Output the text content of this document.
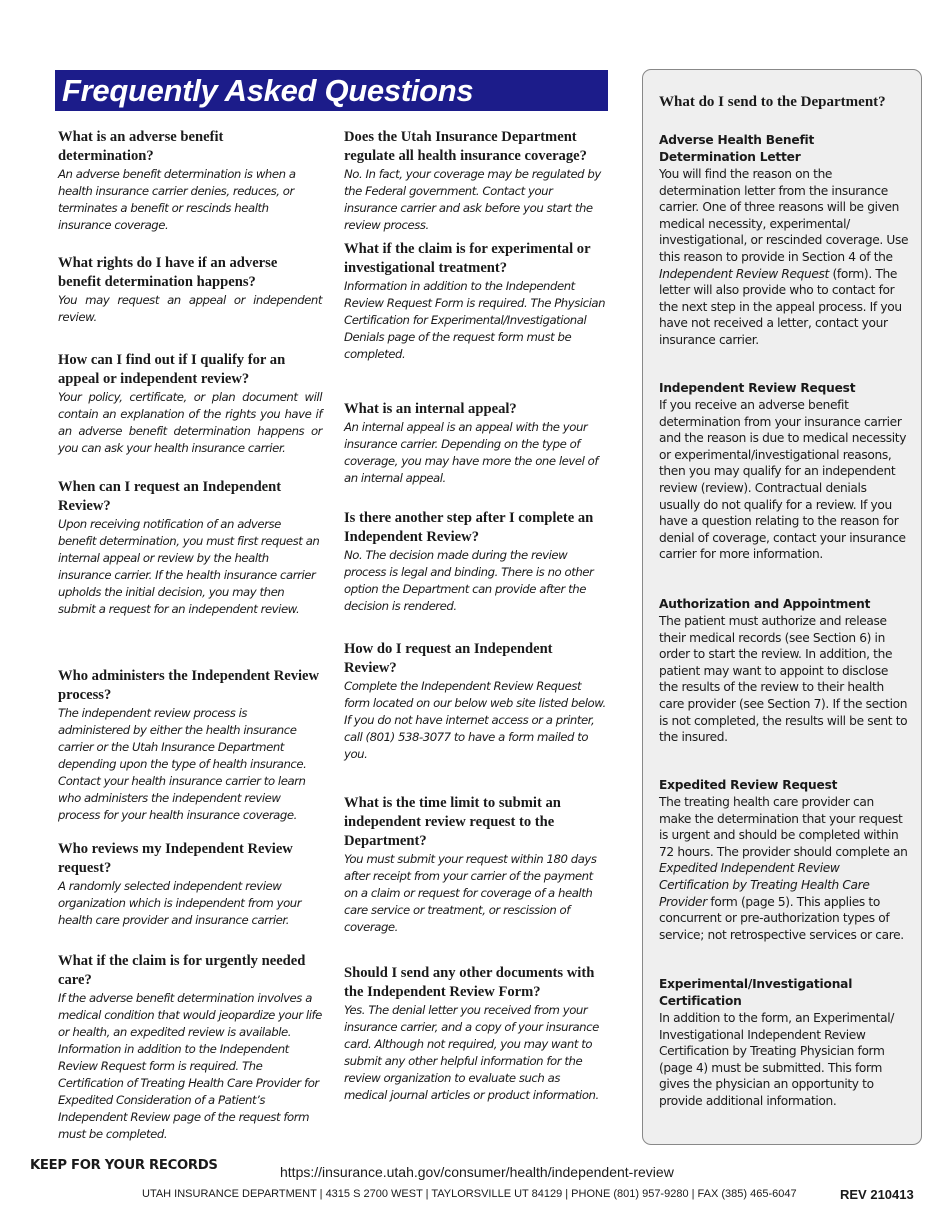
Frequently Asked Questions

What is an adverse benefit determination?

An adverse benefit determination is when a health insurance carrier denies, reduces, or terminates a benefit or rescinds health insurance coverage.

What rights do I have if an adverse benefit determination happens?

You may request an appeal or independent review.

How can I find out if I qualify for an appeal or independent review?

Your policy, certificate, or plan document will contain an explanation of the rights you have if an adverse benefit determination happens or you can ask your health insurance carrier.

When can I request an Independent Review?

Upon receiving notification of an adverse benefit determination, you must first request an internal appeal or review by the health insurance carrier. If the health insurance carrier upholds the initial decision, you may then submit a request for an independent review.

Who administers the Independent Review process?

The independent review process is administered by either the health insurance carrier or the Utah Insurance Department depending upon the type of health insurance. Contact your health insurance carrier to learn who administers the independent review process for your health insurance coverage.

Who reviews my Independent Review request?

A randomly selected independent review organization which is independent from your health care provider and insurance carrier.

What if the claim is for urgently needed care?

If the adverse benefit determination involves a medical condition that would jeopardize your life or health, an expedited review is available. Information in addition to the Independent Review Request form is required. The Certification of Treating Health Care Provider for Expedited Consideration of a Patient’s Independent Review page of the request form must be completed.

Does the Utah Insurance Department regulate all health insurance coverage?

No. In fact, your coverage may be regulated by the Federal government. Contact your insurance carrier and ask before you start the review process.

What if the claim is for experimental or investigational treatment?

Information in addition to the Independent Review Request Form is required. The Physician Certification for Experimental/Investigational Denials page of the request form must be completed.

What is an internal appeal?

An internal appeal is an appeal with the your insurance carrier. Depending on the type of coverage, you may have more the one level of an internal appeal.

Is there another step after I complete an Independent Review?

No. The decision made during the review process is legal and binding. There is no other option the Department can provide after the decision is rendered.

How do I request an Independent Review?

Complete the Independent Review Request form located on our below web site listed below. If you do not have internet access or a printer, call (801) 538-3077 to have a form mailed to you.

What is the time limit to submit an independent review request to the Department?

You must submit your request within 180 days after receipt from your carrier of the payment on a claim or request for coverage of a health care service or treatment, or rescission of coverage.

Should I send any other documents with the Independent Review Form?

Yes. The denial letter you received from your insurance carrier, and a copy of your insurance card. Although not required, you may want to submit any other helpful information for the review organization to evaluate such as medical journal articles or product information.

What do I send to the Department?

Adverse Health Benefit Determination Letter

You will find the reason on the determination letter from the insurance carrier. One of three reasons will be given medical necessity, experimental/ investigational, or rescinded coverage. Use this reason to provide in Section 4 of the Independent Review Request (form). The letter will also provide who to contact for the next step in the appeal process. If you have not received a letter, contact your insurance carrier.

Independent Review Request

If you receive an adverse benefit determination from your insurance carrier and the reason is due to medical necessity or experimental/investigational reasons, then you may qualify for an independent review (review). Contractual denials usually do not qualify for a review. If you have a question relating to the reason for denial of coverage, contact your insurance carrier for more information.

Authorization and Appointment

The patient must authorize and release their medical records (see Section 6) in order to start the review. In addition, the patient may want to appoint to disclose the results of the review to their health care provider (see Section 7). If the section is not completed, the results will be sent to the insured.

Expedited Review Request

The treating health care provider can make the determination that your request is urgent and should be completed within 72 hours. The provider should complete an Expedited Independent Review Certification by Treating Health Care Provider form (page 5). This applies to concurrent or pre-authorization types of service; not retrospective services or care.

Experimental/Investigational Certification

In addition to the form, an Experimental/ Investigational Independent Review Certification by Treating Physician form (page 4) must be submitted. This form gives the physician an opportunity to provide additional information.

KEEP FOR YOUR RECORDS	https://insurance.utah.gov/consumer/health/independent-review
UTAH INSURANCE DEPARTMENT | 4315 S 2700 WEST | TAYLORSVILLE UT 84129 | PHONE (801) 957-9280 | FAX (385) 465-6047	REV 210413
